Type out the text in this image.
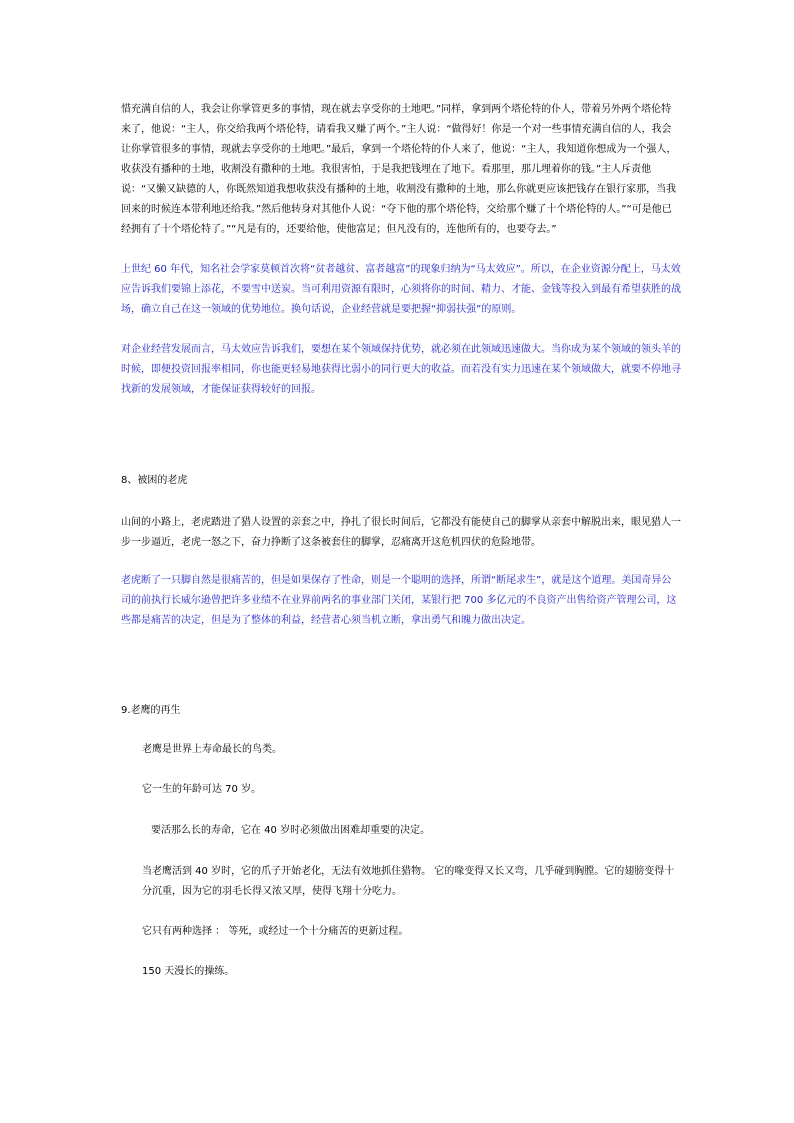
惜充满自信的人，我会让你掌管更多的事情，现在就去享受你的土地吧。”同样，拿到两个塔伦特的仆人，带着另外两个塔伦特来了，他说：“主人，你交给我两个塔伦特，请看我又赚了两个。”主人说：“做得好！你是一个对一些事情充满自信的人，我会让你掌管很多的事情，现就去享受你的土地吧。”最后，拿到一个塔伦特的仆人来了，他说：“主人，我知道你想成为一个强人，收获没有播种的土地，收割没有撒种的土地。我很害怕，于是我把钱埋在了地下。看那里，那儿埋着你的钱。”主人斥责他说：“又懒又缺德的人，你既然知道我想收获没有播种的土地，收割没有撒种的土地，那么你就更应该把钱存在银行家那，当我回来的时候连本带利地还给我。”然后他转身对其他仆人说：“夺下他的那个塔伦特，交给那个赚了十个塔伦特的人。”“可是他已经拥有了十个塔伦特了。”“凡是有的，还要给他，使他富足；但凡没有的，连他所有的，也要夺去。”

上世纪 60 年代，知名社会学家莫顿首次将“贫者越贫、富者越富”的现象归纳为“马太效应”。所以，在企业资源分配上，马太效应告诉我们要锦上添花，不要雪中送炭。当可利用资源有限时，心须将你的时间、精力、才能、金钱等投入到最有希望获胜的战场，确立自己在这一领域的优势地位。换句话说，企业经营就是要把握“抑弱扶强”的原则。

对企业经营发展而言，马太效应告诉我们，要想在某个领域保持优势，就必须在此领域迅速做大。当你成为某个领域的领头羊的时候，即便投资回报率相同，你也能更轻易地获得比弱小的同行更大的收益。而若没有实力迅速在某个领域做大，就要不停地寻找新的发展领域，才能保证获得较好的回报。

8、被困的老虎

山间的小路上，老虎踏进了猎人设置的亲套之中，挣扎了很长时间后，它都没有能使自己的脚掌从亲套中解脱出来，眼见猎人一步一步逼近，老虎一怒之下，奋力挣断了这条被套住的脚掌，忍痛离开这危机四伏的危险地带。

老虎断了一只脚自然是很痛苦的，但是如果保存了性命，则是一个聪明的选择，所谓“断尾求生”，就是这个道理。美国奇异公司的前执行长威尔逊曾把许多业绩不在业界前两名的事业部门关闭，某银行把 700 多亿元的不良资产出售给资产管理公司，这些都是痛苦的决定，但是为了整体的利益，经营者心须当机立断，拿出勇气和魄力做出决定。

9.老鹰的再生

老鹰是世界上寿命最长的鸟类。

它一生的年龄可达 70 岁。

要活那么长的寿命，它在 40 岁时必须做出困难却重要的决定。

当老鹰活到 40 岁时，它的爪子开始老化，无法有效地抓住猎物。 它的喙变得又长又弯，几乎碰到胸膛。它的翅膀变得十分沉重，因为它的羽毛长得又浓又厚，使得飞翔十分吃力。

它只有两种选择 ： 等死，或经过一个十分痛苦的更新过程。

150 天漫长的操练。
